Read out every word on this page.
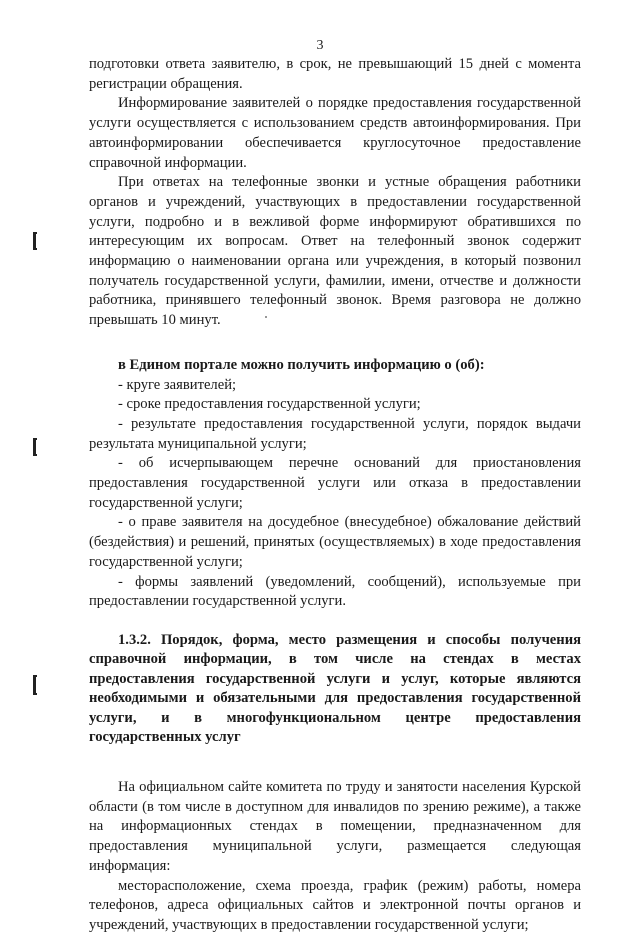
3

подготовки ответа заявителю, в срок, не превышающий 15 дней с момента регистрации обращения.

Информирование заявителей о порядке предоставления государственной услуги осуществляется с использованием средств автоинформирования. При автоинформировании обеспечивается круглосуточное предоставление справочной информации.

При ответах на телефонные звонки и устные обращения работники органов и учреждений, участвующих в предоставлении государственной услуги, подробно и в вежливой форме информируют обратившихся по интересующим их вопросам. Ответ на телефонный звонок содержит информацию о наименовании органа или учреждения, в который позвонил получатель государственной услуги, фамилии, имени, отчестве и должности работника, принявшего телефонный звонок. Время разговора не должно превышать 10 минут.

в Едином портале можно получить информацию о (об):

- круге заявителей;

- сроке предоставления государственной услуги;

- результате предоставления государственной услуги, порядок выдачи результата муниципальной услуги;

- об исчерпывающем перечне оснований для приостановления предоставления государственной услуги или отказа в предоставлении государственной услуги;

- о праве заявителя на досудебное (внесудебное) обжалование действий (бездействия) и решений, принятых (осуществляемых) в ходе предоставления государственной услуги;

- формы заявлений (уведомлений, сообщений), используемые при предоставлении государственной услуги.

1.3.2. Порядок, форма, место размещения и способы получения справочной информации, в том числе на стендах в местах предоставления государственной услуги и услуг, которые являются необходимыми и обязательными для предоставления государственной услуги, и в многофункциональном центре предоставления государственных услуг

На официальном сайте комитета по труду и занятости населения Курской области (в том числе в доступном для инвалидов по зрению режиме), а также на информационных стендах в помещении, предназначенном для предоставления муниципальной услуги, размещается следующая информация:

месторасположение, схема проезда, график (режим) работы, номера телефонов, адреса официальных сайтов и электронной почты органов и учреждений, участвующих в предоставлении государственной услуги;
